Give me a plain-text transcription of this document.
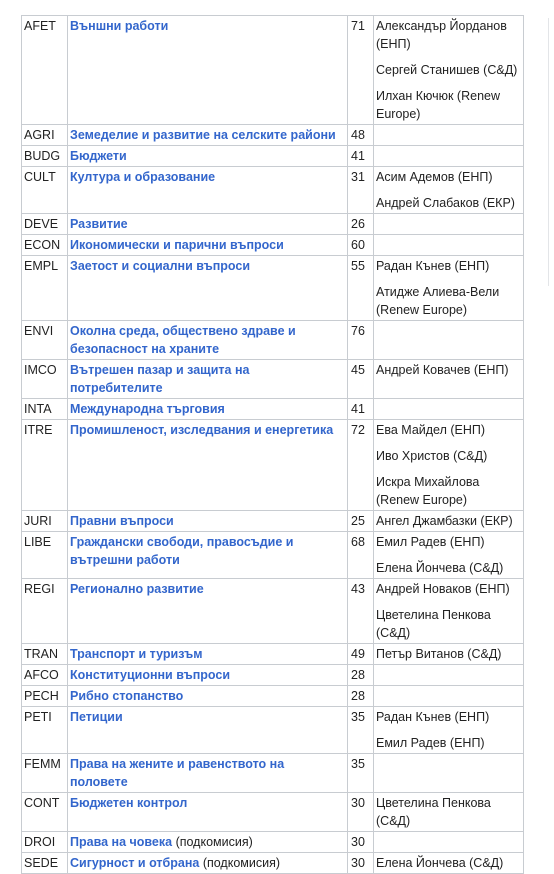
AFET	Външни работи	71	Александър Йорданов (ЕНП)
Сергей Станишев (С&Д)
Илхан Кючюк (Renew Europe)

AGRI	Земеделие и развитие на селските райони	48	
BUDG	Бюджети	41	
CULT	Култура и образование	31	Асим Адемов (ЕНП)
Андрей Слабаков (ЕКР)

DEVE	Развитие	26	
ECON	Икономически и парични въпроси	60	
EMPL	Заетост и социални въпроси	55	Радан Кънев (ЕНП)
Атидже Алиева-Вели (Renew Europe)

ENVI	Околна среда, обществено здраве и безопасност на храните	76	
IMCO	Вътрешен пазар и защита на потребителите	45	Андрей Ковачев (ЕНП)

INTA	Международна търговия	41	
ITRE	Промишленост, изследвания и енергетика	72	Ева Майдел (ЕНП)
Иво Христов (С&Д)
Искра Михайлова (Renew Europe)

JURI	Правни въпроси	25	Ангел Джамбазки (ЕКР)

LIBE	Граждански свободи, правосъдие и вътрешни работи	68	Емил Радев (ЕНП)
Елена Йончева (С&Д)

REGI	Регионално развитие	43	Андрей Новаков (ЕНП)
Цветелина Пенкова (С&Д)

TRAN	Транспорт и туризъм	49	Петър Витанов (С&Д)

AFCO	Конституционни въпроси	28	
PECH	Рибно стопанство	28	
PETI	Петиции	35	Радан Кънев (ЕНП)
Емил Радев (ЕНП)

FEMM	Права на жените и равенството на половете	35	
CONT	Бюджетен контрол	30	Цветелина Пенкова (С&Д)

DROI	Права на човека (подкомисия)	30	
SEDE	Сигурност и отбрана (подкомисия)	30	Елена Йончева (С&Д)
